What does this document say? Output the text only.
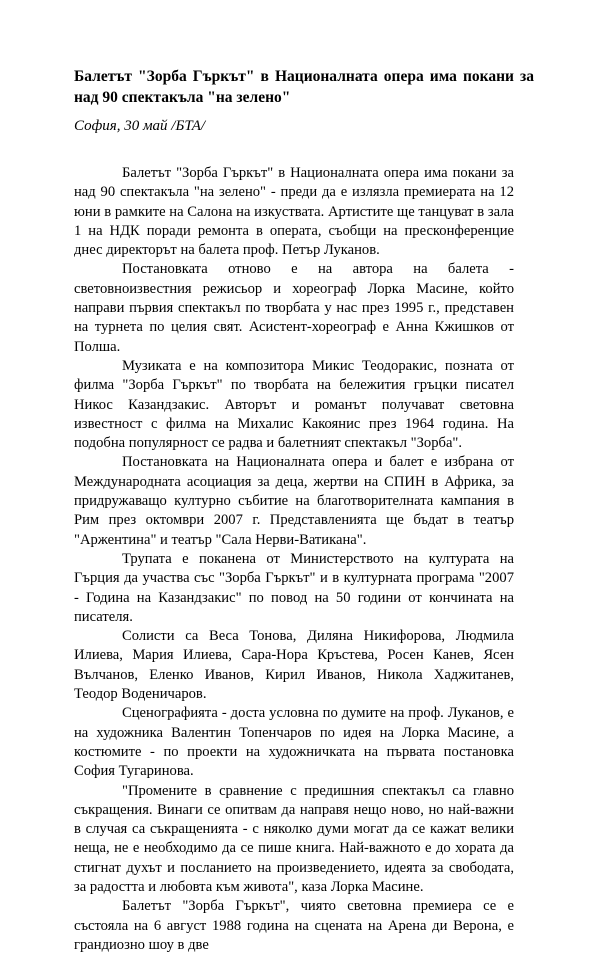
Балетът "Зорба Гъркът" в Националната опера има покани за над 90 спектакъла "на зелено"
София, 30 май /БТА/

Балетът "Зорба Гъркът" в Националната опера има покани за над 90 спектакъла "на зелено" - преди да е излязла премиерата на 12 юни в рамките на Салона на изкуствата. Артистите ще танцуват в зала 1 на НДК поради ремонта в операта, съобщи на пресконференцие днес директорът на балета проф. Петър Луканов.

Постановката отново е на автора на балета - световноизвестния режисьор и хореограф Лорка Масине, който направи първия спектакъл по творбата у нас през 1995 г., представен на турнета по целия свят. Асистент-хореограф е Анна Кжишков от Полша.

Музиката е на композитора Микис Теодоракис, позната от филма "Зорба Гъркът" по творбата на бележития гръцки писател Никос Казандзакис. Авторът и романът получават световна известност с филма на Михалис Какоянис през 1964 година. На подобна популярност се радва и балетният спектакъл "Зорба".

Постановката на Националната опера и балет е избрана от Международната асоциация за деца, жертви на СПИН в Африка, за придружаващо културно събитие на благотворителната кампания в Рим през октомври 2007 г. Представленията ще бъдат в театър "Аржентина" и театър "Сала Нерви-Ватикана".

Трупата е поканена от Министерството на културата на Гърция да участва със "Зорба Гъркът" и в културната програма "2007 - Година на Казандзакис" по повод на 50 години от кончината на писателя.

Солисти са Веса Тонова, Диляна Никифорова, Людмила Илиева, Мария Илиева, Сара-Нора Кръстева, Росен Канев, Ясен Вълчанов, Еленко Иванов, Кирил Иванов, Никола Хаджитанев, Теодор Воденичаров.

Сценографията - доста условна по думите на проф. Луканов, е на художника Валентин Топенчаров по идея на Лорка Масине, а костюмите - по проекти на художничката на първата постановка София Тугаринова.

"Промените в сравнение с предишния спектакъл са главно съкращения. Винаги се опитвам да направя нещо ново, но най-важни в случая са съкращенията - с няколко думи могат да се кажат велики неща, не е необходимо да се пише книга. Най-важното е до хората да стигнат духът и посланието на произведението, идеята за свободата, за радостта и любовта към живота", каза Лорка Масине.

Балетът "Зорба Гъркът", чиято световна премиера се е състояла на 6 август 1988 година на сцената на Арена ди Верона, е грандиозно шоу в две
